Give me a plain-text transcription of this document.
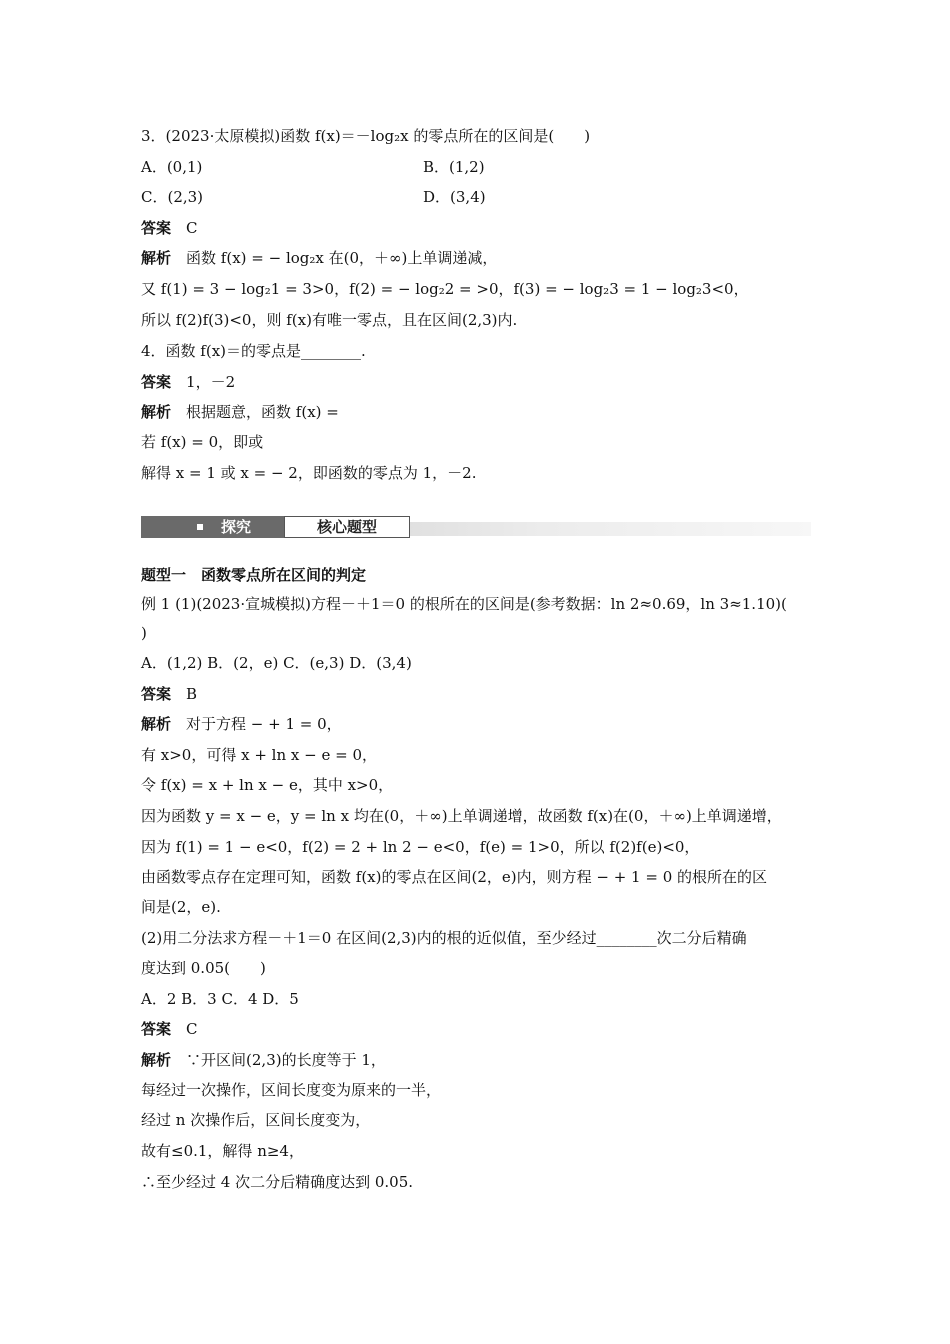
3．(2023·太原模拟)函数 f(x)＝－log₂x 的零点所在的区间是(　　)
A．(0,1)	B．(1,2)
C．(2,3)	D．(3,4)
答案　 C
解析　 函数 f(x) = − log₂x 在(0，＋∞)上单调递减，
又 f(1) = 3 − log₂1 = 3>0，f(2) = − log₂2 = >0，f(3) = − log₂3 = 1 − log₂3<0，
所以 f(2)f(3)<0，则 f(x)有唯一零点，且在区间(2,3)内.
4．函数 f(x)＝的零点是________.
答案　 1，－2
解析　 根据题意，函数 f(x) =
若 f(x) = 0，即或
解得 x = 1 或 x = − 2，即函数的零点为 1，－2.
探究	核心题型
题型一　函数零点所在区间的判定
例 1 (1)(2023·宣城模拟)方程－＋1＝0 的根所在的区间是(参考数据：ln 2≈0.69，ln 3≈1.10)(
)
A．(1,2) B．(2，e) C．(e,3) D．(3,4)
答案　 B
解析　 对于方程 − + 1 = 0，
有 x>0，可得 x + ln x − e = 0，
令 f(x) = x + ln x − e，其中 x>0，
因为函数 y = x − e，y = ln x 均在(0，＋∞)上单调递增，故函数 f(x)在(0，＋∞)上单调递增，
因为 f(1) = 1 − e<0，f(2) = 2 + ln 2 − e<0，f(e) = 1>0，所以 f(2)f(e)<0，
由函数零点存在定理可知，函数 f(x)的零点在区间(2，e)内，则方程 − + 1 = 0 的根所在的区
间是(2，e).
(2)用二分法求方程－＋1＝0 在区间(2,3)内的根的近似值，至少经过________次二分后精确
度达到 0.05(　　)
A．2 B．3 C．4 D．5
答案　 C
解析　 ∵开区间(2,3)的长度等于 1，
每经过一次操作，区间长度变为原来的一半，
经过 n 次操作后，区间长度变为，
故有≤0.1，解得 n≥4，
∴至少经过 4 次二分后精确度达到 0.05.
